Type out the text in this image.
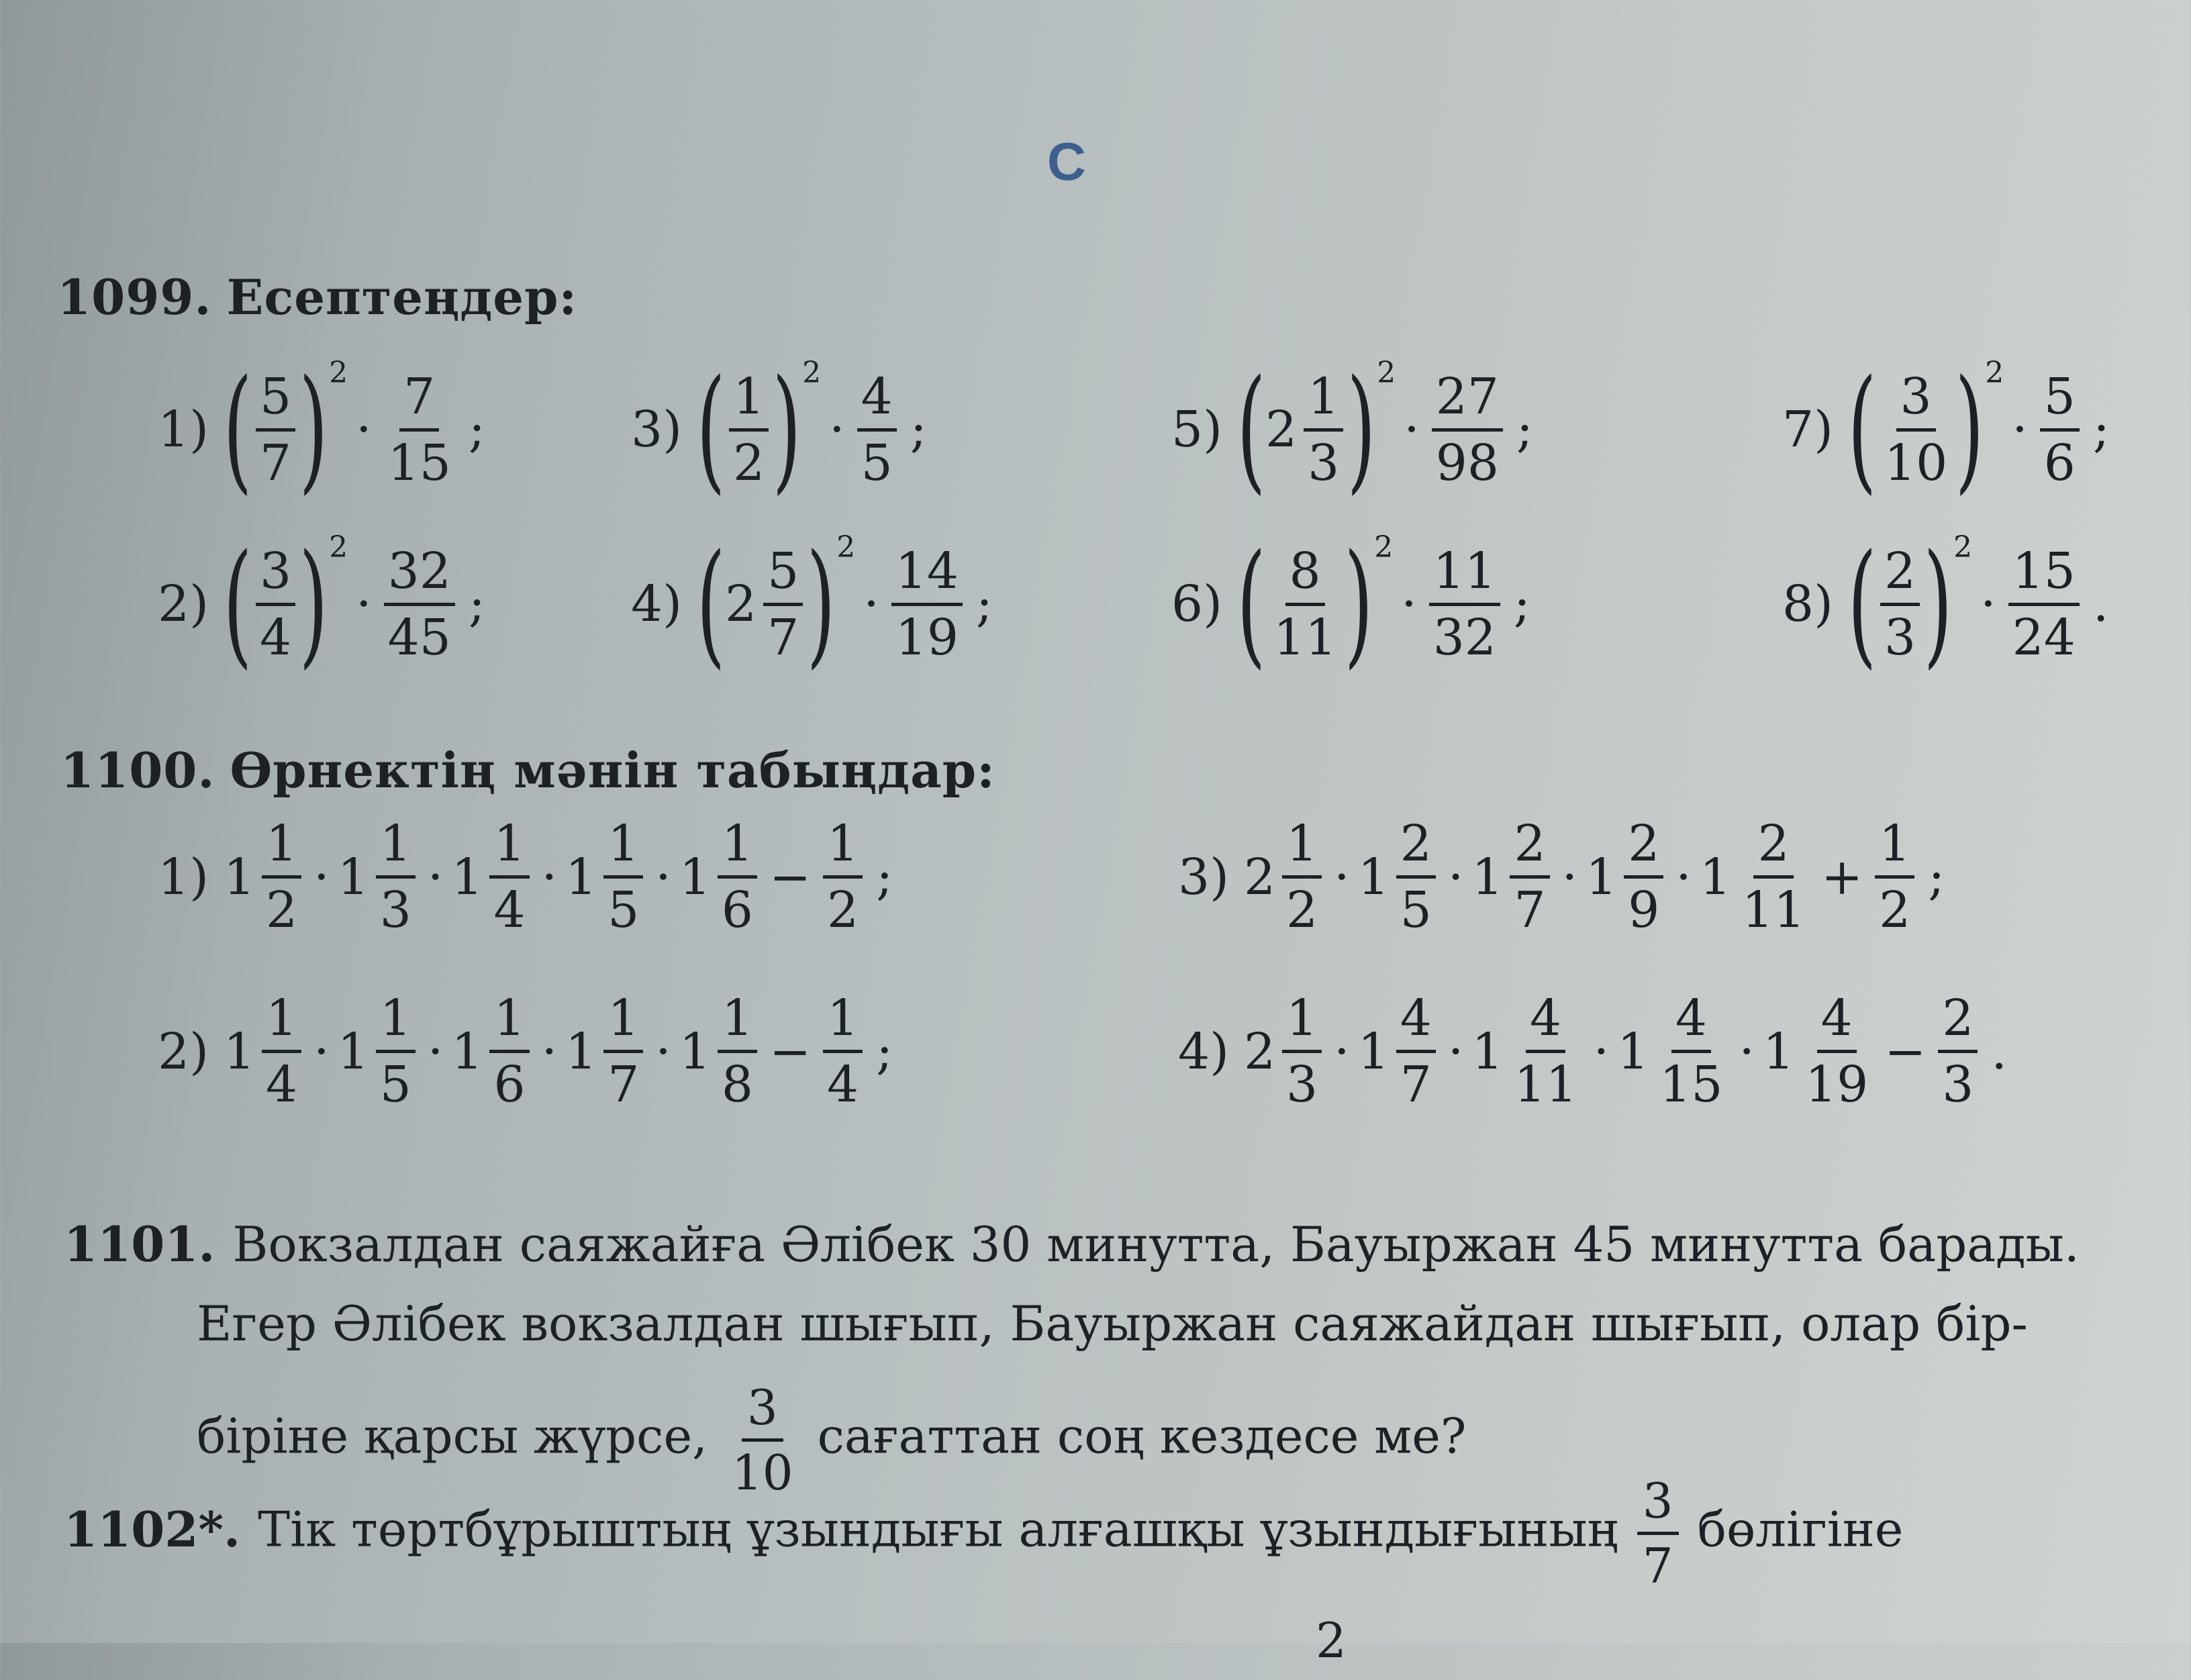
С
1099. Есептеңдер:
1) ( $\frac{5}{7}$ ) 2
· $\frac{7}{15}$ ;
2) ( $\frac{3}{4}$ ) 2
· $\frac{32}{45}$ ;
3) ( $\frac{1}{2}$ ) 2
· $\frac{4}{5}$ ;
4) ( $2 \frac{5}{7}$ ) 2
· $\frac{14}{19}$ ;
5) ( $2 \frac{1}{3}$ ) 2
· $\frac{27}{98}$ ;
6) ( $\frac{8}{11}$ ) 2
· $\frac{11}{32}$ ;
7) ( $\frac{3}{10}$ ) 2
· $\frac{5}{6}$ ;
8) ( $\frac{2}{3}$ ) 2
· $\frac{15}{24}$ .
1100. Өрнектің мәнін табыңдар:
1) $1 \frac{1}{2} \cdot 1 \frac{1}{3} \cdot 1 \frac{1}{4} \cdot 1 \frac{1}{5} \cdot 1 \frac{1}{6} - \frac{1}{2}$ ;
2) $1 \frac{1}{4} \cdot 1 \frac{1}{5} \cdot 1 \frac{1}{6} \cdot 1 \frac{1}{7} \cdot 1 \frac{1}{8} - \frac{1}{4}$ ;
3) $2 \frac{1}{2} \cdot 1 \frac{2}{5} \cdot 1 \frac{2}{7} \cdot 1 \frac{2}{9} \cdot 1 \frac{2}{11} + \frac{1}{2}$ ;
4) $2 \frac{1}{3} \cdot 1 \frac{4}{7} \cdot 1 \frac{4}{11} \cdot 1 \frac{4}{15} \cdot 1 \frac{4}{19} - \frac{2}{3}$ .
1101. Вокзалдан саяжайға Әлібек 30 минутта, Бауыржан 45 минутта барады.
Егер Әлібек вокзалдан шығып, Бауыржан саяжайдан шығып, олар бір-
біріне қарсы жүрсе, $\frac{3}{10}$ сағаттан соң кездесе ме?
1102*. Тік төртбұрыштың ұзындығы алғашқы ұзындығының $\frac{3}{7}$ бөлігіне
2
